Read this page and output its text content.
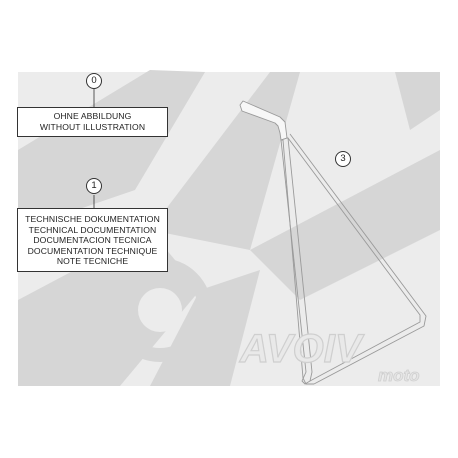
AVOIV
moto
0
OHNE ABBILDUNG
WITHOUT ILLUSTRATION
1
TECHNISCHE DOKUMENTATION
TECHNICAL DOCUMENTATION
DOCUMENTACION TECNICA
DOCUMENTATION TECHNIQUE
NOTE TECNICHE
3
